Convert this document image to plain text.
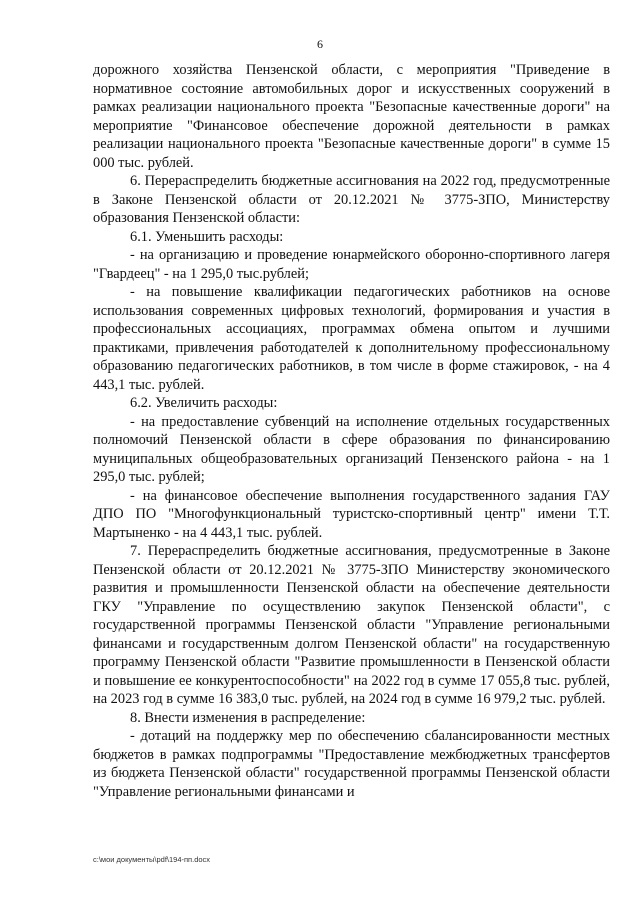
6

дорожного хозяйства Пензенской области, с мероприятия "Приведение в нормативное состояние автомобильных дорог и искусственных сооружений в рамках реализации национального проекта "Безопасные качественные дороги" на мероприятие "Финансовое обеспечение дорожной деятельности в рамках реализации национального проекта "Безопасные качественные дороги" в сумме 15 000 тыс. рублей.

6. Перераспределить бюджетные ассигнования на 2022 год, предусмотренные в Законе Пензенской области от 20.12.2021 № 3775-ЗПО, Министерству образования Пензенской области:

6.1. Уменьшить расходы:

- на организацию и проведение юнармейского оборонно-спортивного лагеря "Гвардеец" - на 1 295,0 тыс.рублей;

- на повышение квалификации педагогических работников на основе использования современных цифровых технологий, формирования и участия в профессиональных ассоциациях, программах обмена опытом и лучшими практиками, привлечения работодателей к дополнительному профессиональному образованию педагогических работников, в том числе в форме стажировок, - на 4 443,1 тыс. рублей.

6.2. Увеличить расходы:

- на предоставление субвенций на исполнение отдельных государственных полномочий Пензенской области в сфере образования по финансированию муниципальных общеобразовательных организаций Пензенского района - на 1 295,0 тыс. рублей;

- на финансовое обеспечение выполнения государственного задания ГАУ ДПО ПО "Многофункциональный туристско-спортивный центр" имени Т.Т. Мартыненко - на 4 443,1 тыс. рублей.

7. Перераспределить бюджетные ассигнования, предусмотренные в Законе Пензенской области от 20.12.2021 № 3775-ЗПО Министерству экономического развития и промышленности Пензенской области на обеспечение деятельности ГКУ "Управление по осуществлению закупок Пензенской области", с государственной программы Пензенской области "Управление региональными финансами и государственным долгом Пензенской области" на государственную программу Пензенской области "Развитие промышленности в Пензенской области и повышение ее конкурентоспособности" на 2022 год в сумме 17 055,8 тыс. рублей, на 2023 год в сумме 16 383,0 тыс. рублей, на 2024 год в сумме 16 979,2 тыс. рублей.

8. Внести изменения в распределение:

- дотаций на поддержку мер по обеспечению сбалансированности местных бюджетов в рамках подпрограммы "Предоставление межбюджетных трансфертов из бюджета Пензенской области" государственной программы Пензенской области "Управление региональными финансами и

c:\мои документы\pdf\194-пп.docx
